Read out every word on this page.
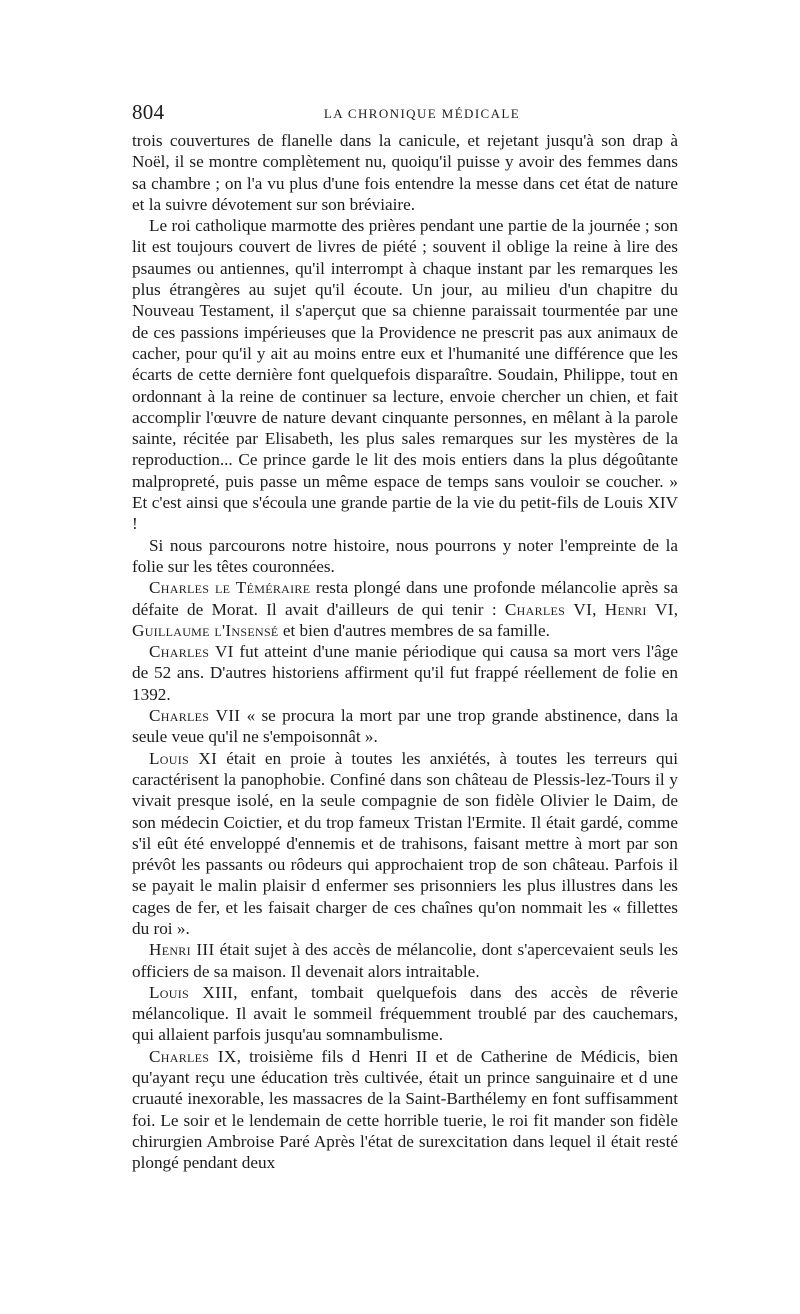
804	LA CHRONIQUE MÉDICALE

trois couvertures de flanelle dans la canicule, et rejetant jusqu'à son drap à Noël, il se montre complètement nu, quoiqu'il puisse y avoir des femmes dans sa chambre ; on l'a vu plus d'une fois entendre la messe dans cet état de nature et la suivre dévotement sur son bréviaire.

Le roi catholique marmotte des prières pendant une partie de la journée ; son lit est toujours couvert de livres de piété ; souvent il oblige la reine à lire des psaumes ou antiennes, qu'il interrompt à chaque instant par les remarques les plus étrangères au sujet qu'il écoute. Un jour, au milieu d'un chapitre du Nouveau Testament, il s'aperçut que sa chienne paraissait tourmentée par une de ces passions impérieuses que la Providence ne prescrit pas aux animaux de cacher, pour qu'il y ait au moins entre eux et l'humanité une différence que les écarts de cette dernière font quelquefois disparaître. Soudain, Philippe, tout en ordonnant à la reine de continuer sa lecture, envoie chercher un chien, et fait accomplir l'œuvre de nature devant cinquante personnes, en mêlant à la parole sainte, récitée par Elisabeth, les plus sales remarques sur les mystères de la reproduction... Ce prince garde le lit des mois entiers dans la plus dégoûtante malpropreté, puis passe un même espace de temps sans vouloir se coucher. » Et c'est ainsi que s'écoula une grande partie de la vie du petit-fils de Louis XIV !

Si nous parcourons notre histoire, nous pourrons y noter l'empreinte de la folie sur les têtes couronnées.

Charles le Téméraire resta plongé dans une profonde mélancolie après sa défaite de Morat. Il avait d'ailleurs de qui tenir : Charles VI, Henri VI, Guillaume l'Insensé et bien d'autres membres de sa famille.

Charles VI fut atteint d'une manie périodique qui causa sa mort vers l'âge de 52 ans. D'autres historiens affirment qu'il fut frappé réellement de folie en 1392.

Charles VII « se procura la mort par une trop grande abstinence, dans la seule veue qu'il ne s'empoisonnât ».

Louis XI était en proie à toutes les anxiétés, à toutes les terreurs qui caractérisent la panophobie. Confiné dans son château de Plessis-lez-Tours il y vivait presque isolé, en la seule compagnie de son fidèle Olivier le Daim, de son médecin Coictier, et du trop fameux Tristan l'Ermite. Il était gardé, comme s'il eût été enveloppé d'ennemis et de trahisons, faisant mettre à mort par son prévôt les passants ou rôdeurs qui approchaient trop de son château. Parfois il se payait le malin plaisir d enfermer ses prisonniers les plus illustres dans les cages de fer, et les faisait charger de ces chaînes qu'on nommait les « fillettes du roi ».

Henri III était sujet à des accès de mélancolie, dont s'apercevaient seuls les officiers de sa maison. Il devenait alors intraitable.

Louis XIII, enfant, tombait quelquefois dans des accès de rêverie mélancolique. Il avait le sommeil fréquemment troublé par des cauchemars, qui allaient parfois jusqu'au somnambulisme.

Charles IX, troisième fils d Henri II et de Catherine de Médicis, bien qu'ayant reçu une éducation très cultivée, était un prince sanguinaire et d une cruauté inexorable, les massacres de la Saint-Barthélemy en font suffisamment foi. Le soir et le lendemain de cette horrible tuerie, le roi fit mander son fidèle chirurgien Ambroise Paré Après l'état de surexcitation dans lequel il était resté plongé pendant deux
